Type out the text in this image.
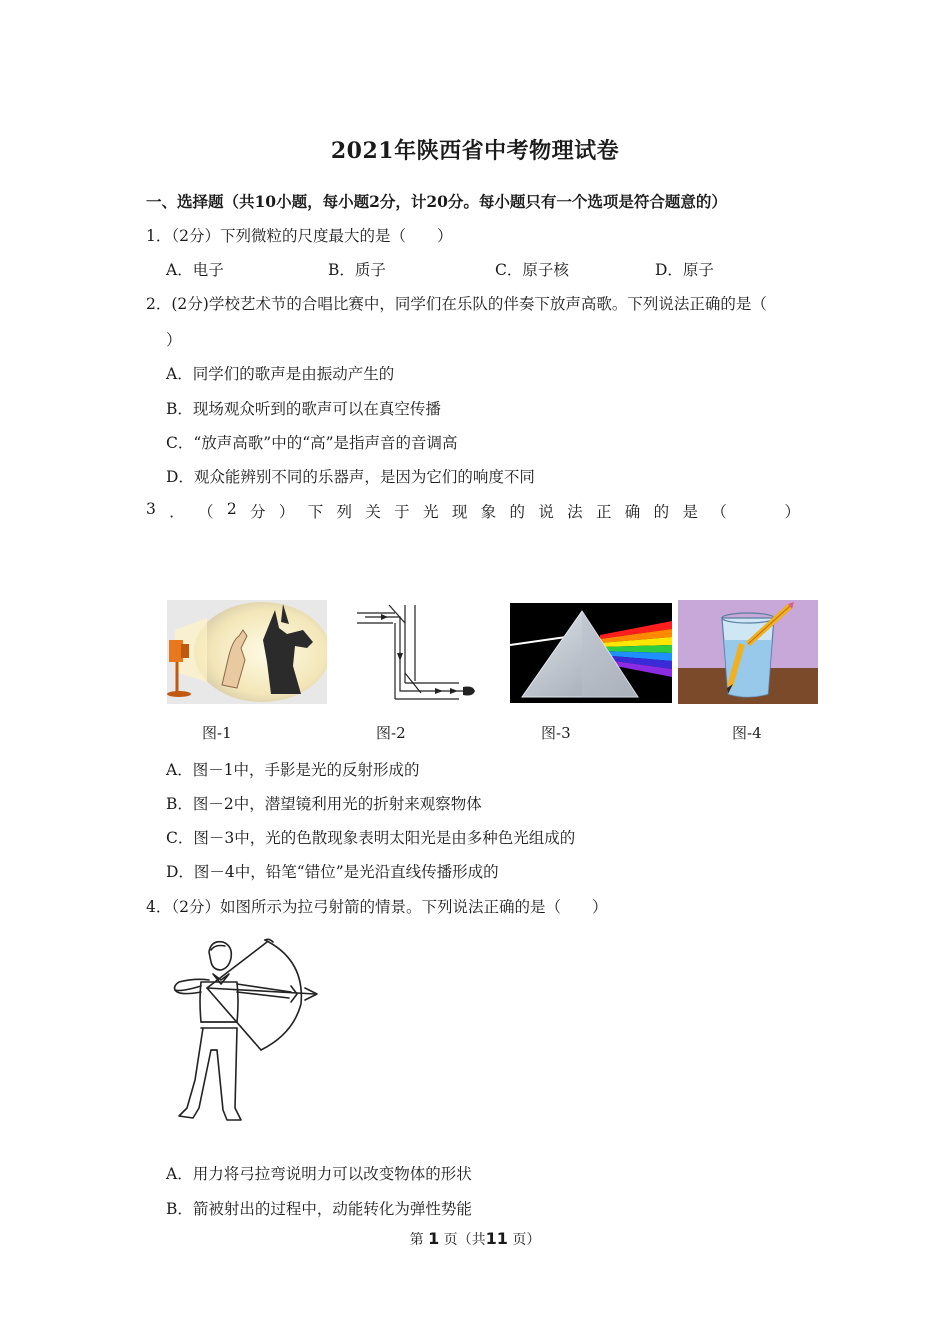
2021年陕西省中考物理试卷
一、选择题（共10小题，每小题2分，计20分。每小题只有一个选项是符合题意的）
1．（2分）下列微粒的尺度最大的是（　　）
A．电子	B．质子	C．原子核	D．原子
2．(2分)学校艺术节的合唱比赛中，同学们在乐队的伴奏下放声高歌。下列说法正确的是（
）
A．同学们的歌声是由振动产生的
B．现场观众听到的歌声可以在真空传播
C．“放声高歌”中的“高”是指声音的音调高
D．观众能辨别不同的乐器声，是因为它们的响度不同
3 ． （ 2 分 ） 下 列 关 于 光 现 象 的 说 法 正 确 的 是 （
　　	）
图-1	图-2	图-3	图-4
A．图－1中，手影是光的反射形成的
B．图－2中，潜望镜利用光的折射来观察物体
C．图－3中，光的色散现象表明太阳光是由多种色光组成的
D．图－4中，铅笔“错位”是光沿直线传播形成的
4．（2分）如图所示为拉弓射箭的情景。下列说法正确的是（　　）
A．用力将弓拉弯说明力可以改变物体的形状
B．箭被射出的过程中，动能转化为弹性势能
第 1 页（共11 页）
